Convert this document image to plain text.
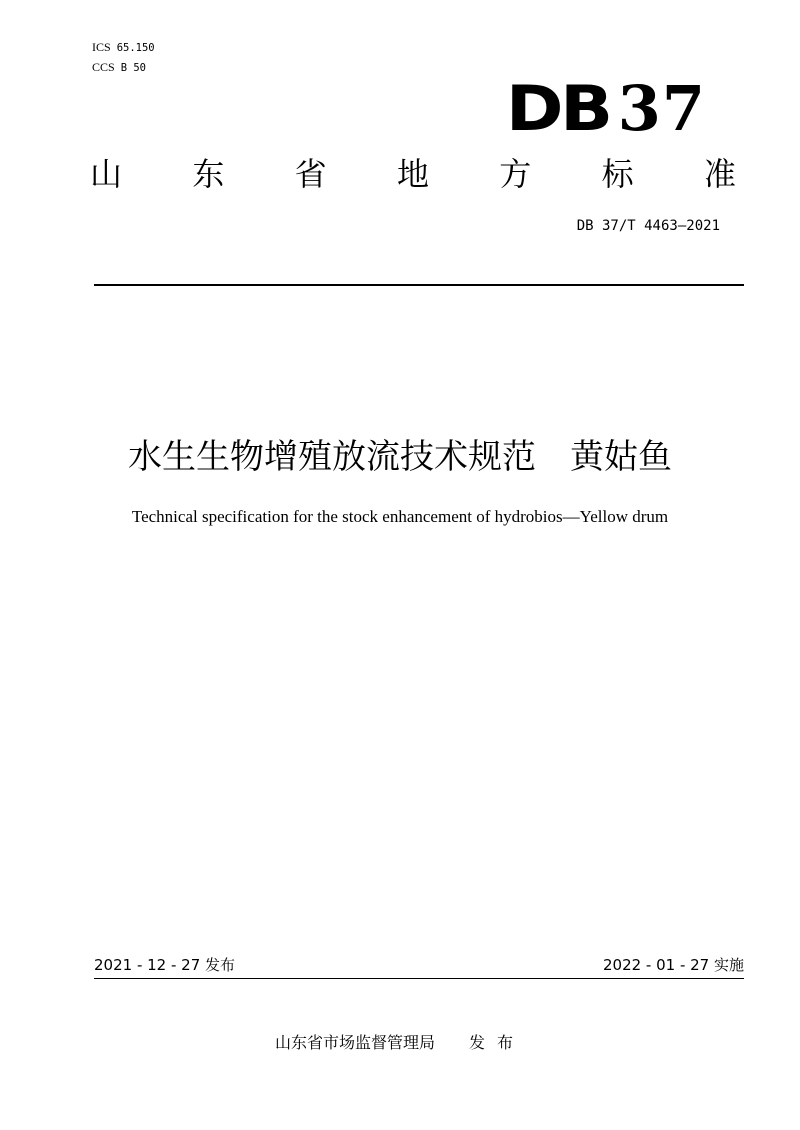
ICS 65.150
CCS B 50
DB 37
山 东 省 地 方 标 准
DB 37/T 4463—2021
水生生物增殖放流技术规范 黄姑鱼
Technical specification for the stock enhancement of hydrobios—Yellow drum
2021 - 12 - 27 发布	2022 - 01 - 27 实施
山东省市场监督管理局 发布
